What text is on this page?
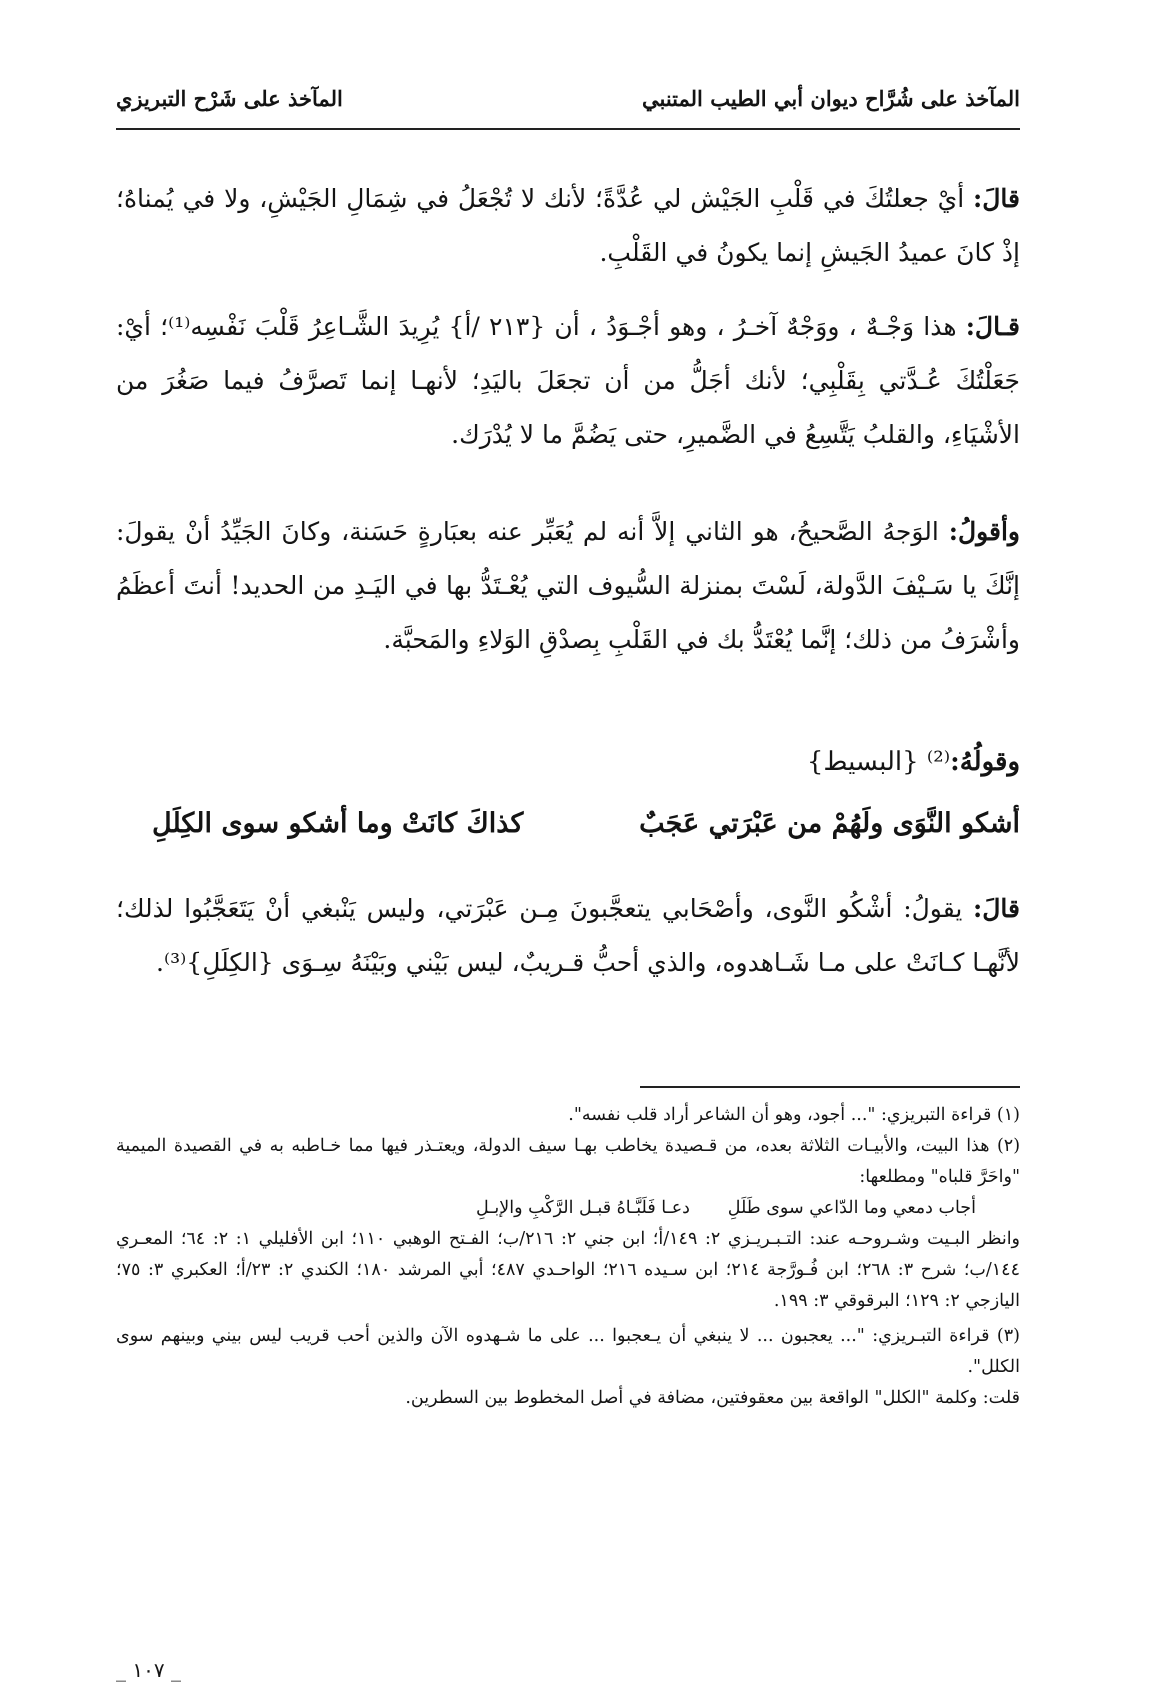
المآخذ على شُرَّاح ديوان أبي الطيب المتنبي
المآخذ على شَرْح التبريزي

قالَ: أيْ جعلتُكَ في قَلْبِ الجَيْش لي عُدَّةً؛ لأنك لا تُجْعَلُ في شِمَالِ الجَيْشِ، ولا في يُمناهُ؛ إذْ كانَ عميدُ الجَيشِ إنما يكونُ في القَلْبِ.

قـالَ: هذا وَجْـهٌ ، ووَجْهٌ آخـرُ ، وهو أجْـوَدُ ، أن {٢١٣ /أ} يُرِيدَ الشَّـاعِرُ قَلْبَ نَفْسِه⁽¹⁾؛ أيْ: جَعَلْتُكَ عُـدَّتي بِقَلْبِي؛ لأنك أجَلُّ من أن تجعَلَ باليَدِ؛ لأنهـا إنما تَصرَّفُ فيما صَغُرَ من الأشْيَاءِ، والقلبُ يَتَّسِعُ في الضَّميرِ، حتى يَضُمَّ ما لا يُدْرَك.

وأقولُ: الوَجهُ الصَّحيحُ، هو الثاني إلاَّ أنه لم يُعَبِّر عنه بعبَارةٍ حَسَنة، وكانَ الجَيِّدُ أنْ يقولَ: إنَّكَ يا سَـيْفَ الدَّولة، لَسْتَ بمنزلة السُّيوف التي يُعْـتَدُّ بها في اليَـدِ من الحديد! أنتَ أعظَمُ وأشْرَفُ من ذلك؛ إنَّما يُعْتَدُّ بك في القَلْبِ بِصدْقِ الوَلاءِ والمَحبَّة.

وقولُهُ:⁽²⁾ {البسيط}

أشكو النَّوَى ولَهُمْ من عَبْرَتي عَجَبٌ
كذاكَ كانَتْ وما أشكو سوى الكِلَلِ

قالَ: يقولُ: أشْكُو النَّوى، وأصْحَابي يتعجَّبونَ مِـن عَبْرَتي، وليس يَنْبغي أنْ يَتَعَجَّبُوا لذلك؛ لأنَّهـا كـانَتْ على مـا شَـاهدوه، والذي أحبُّ قـريبٌ، ليس بَيْني وبَيْنَهُ سِـوَى {الكِلَلِ}⁽³⁾.

(١) قراءة التبريزي: "... أجود، وهو أن الشاعر أراد قلب نفسه".

(٢) هذا البيت، والأبيـات الثلاثة بعده، من قـصيدة يخاطب بهـا سيف الدولة، ويعتـذر فيها مما خـاطبه به في القصيدة الميمية "واحَرَّ قلباه" ومطلعها:

أجاب دمعي وما الدّاعي سوى طَلَلِ
دعـا فَلَبَّـاهُ قبـل الرَّكْبِ والإبـلِ

وانظر البـيت وشـروحـه عند: التـبـريـزي ٢: ١٤٩/أ؛ ابن جني ٢: ٢١٦/ب؛ الفـتح الوهبي ١١٠؛ ابن الأفليلي ١: ٢: ٦٤؛ المعـري ١٤٤/ب؛ شرح ٣: ٢٦٨؛ ابن فُـورَّجة ٢١٤؛ ابن سـيده ٢١٦؛ الواحـدي ٤٨٧؛ أبي المرشد ١٨٠؛ الكندي ٢: ٢٣/أ؛ العكبري ٣: ٧٥؛ اليازجي ٢: ١٢٩؛ البرقوقي ٣: ١٩٩.

(٣) قراءة التبـريزي: "... يعجبون ... لا ينبغي أن يـعجبوا ... على ما شـهدوه الآن والذين أحب قريب ليس بيني وبينهم سوى الكلل".

قلت: وكلمة "الكلل" الواقعة بين معقوفتين، مضافة في أصل المخطوط بين السطرين.

_ ١٠٧ _
